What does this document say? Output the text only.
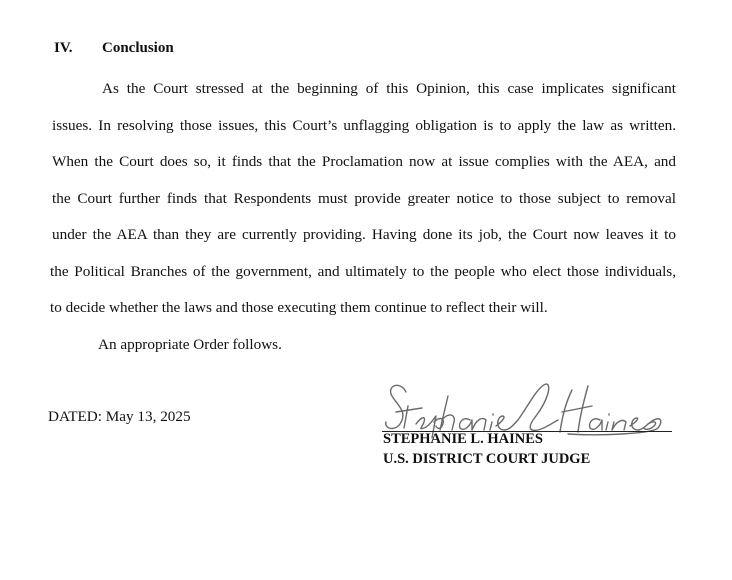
IV. Conclusion
As the Court stressed at the beginning of this Opinion, this case implicates significant
issues. In resolving those issues, this Court’s unflagging obligation is to apply the law as written.
When the Court does so, it finds that the Proclamation now at issue complies with the AEA, and
the Court further finds that Respondents must provide greater notice to those subject to removal
under the AEA than they are currently providing. Having done its job, the Court now leaves it to
the Political Branches of the government, and ultimately to the people who elect those individuals,
to decide whether the laws and those executing them continue to reflect their will.
An appropriate Order follows.
DATED: May 13, 2025
STEPHANIE L. HAINES
U.S. DISTRICT COURT JUDGE
